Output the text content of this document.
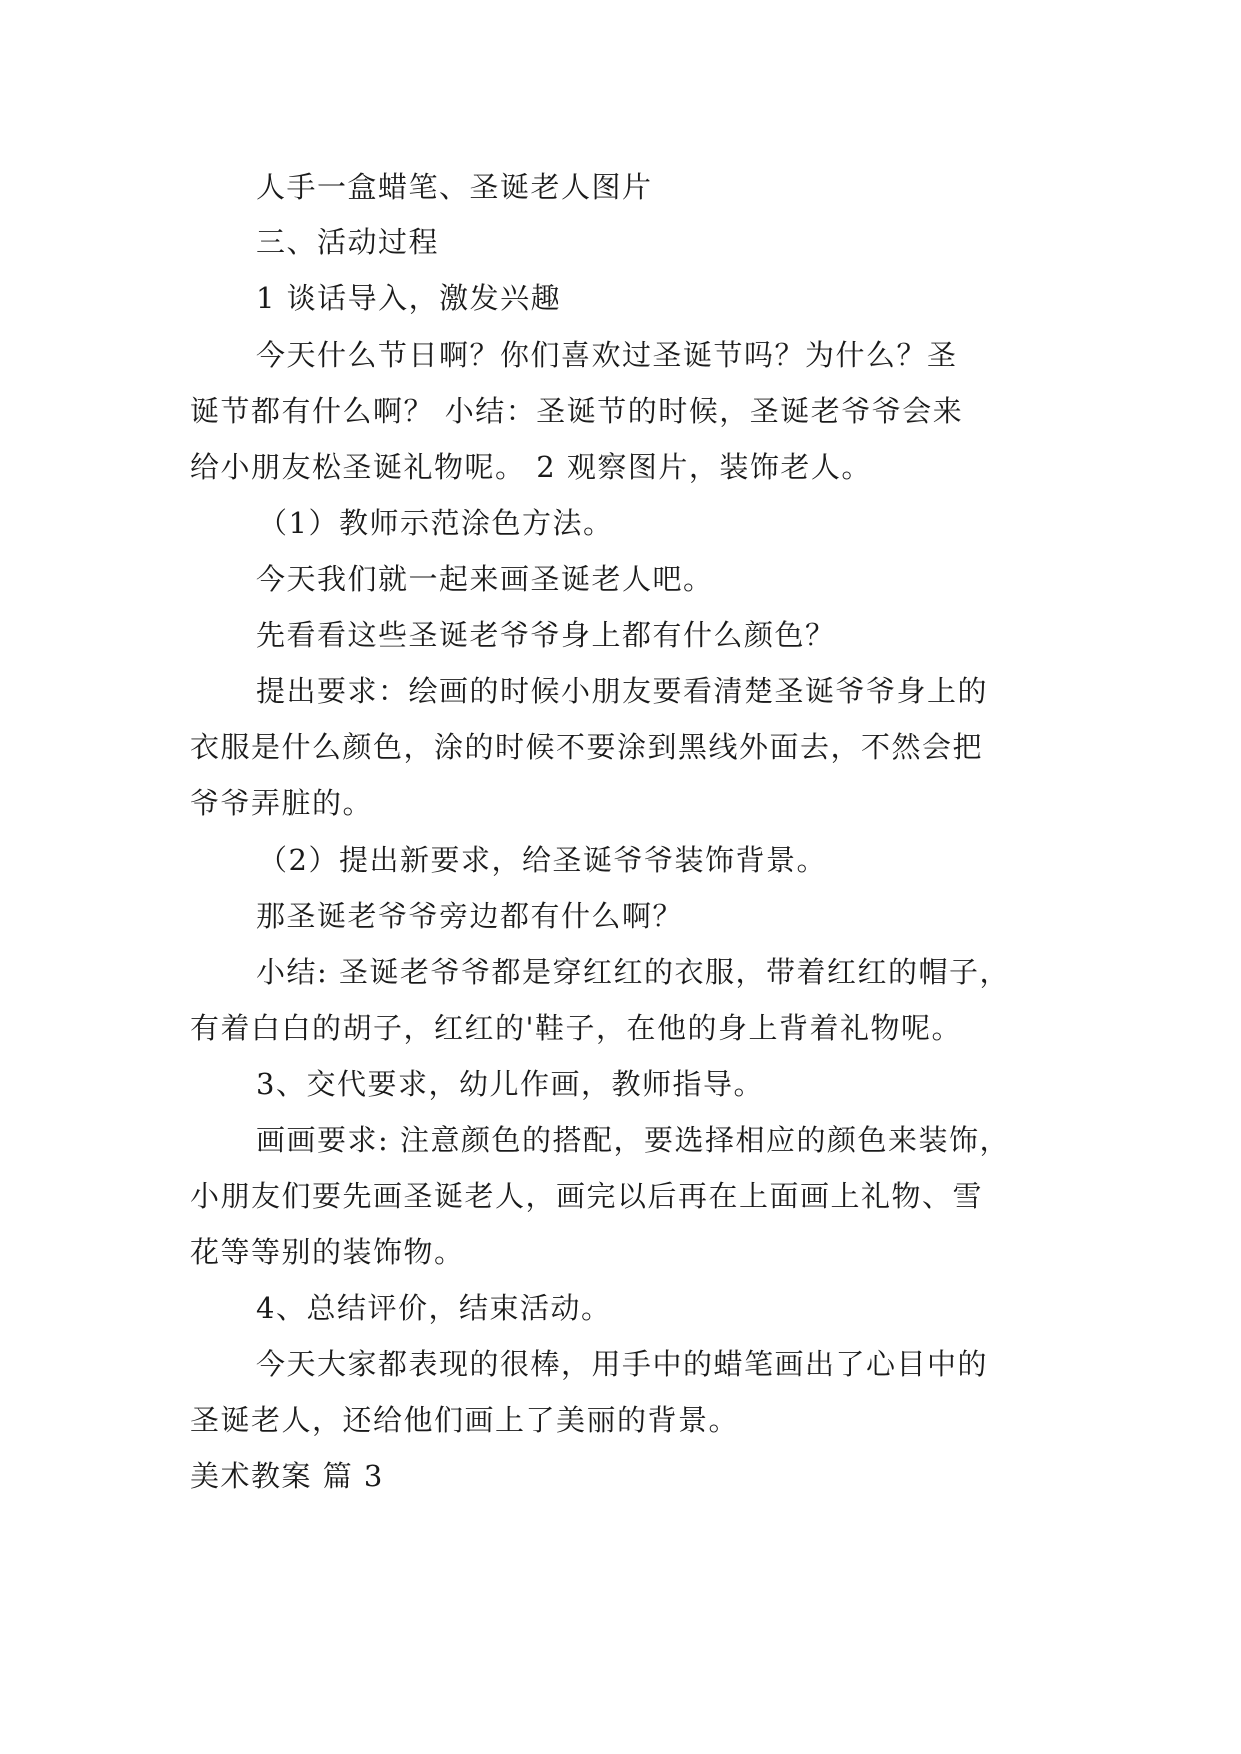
人手一盒蜡笔、圣诞老人图片
三、活动过程
1 谈话导入，激发兴趣
今天什么节日啊？你们喜欢过圣诞节吗？为什么？圣
诞节都有什么啊？ 小结：圣诞节的时候，圣诞老爷爷会来
给小朋友松圣诞礼物呢。 2 观察图片，装饰老人。
（1）教师示范涂色方法。
今天我们就一起来画圣诞老人吧。
先看看这些圣诞老爷爷身上都有什么颜色？
提出要求：绘画的时候小朋友要看清楚圣诞爷爷身上的
衣服是什么颜色，涂的时候不要涂到黑线外面去，不然会把
爷爷弄脏的。
（2）提出新要求，给圣诞爷爷装饰背景。
那圣诞老爷爷旁边都有什么啊？
小结: 圣诞老爷爷都是穿红红的衣服，带着红红的帽子，
有着白白的胡子，红红的'鞋子，在他的身上背着礼物呢。
3、交代要求，幼儿作画，教师指导。
画画要求: 注意颜色的搭配，要选择相应的颜色来装饰，
小朋友们要先画圣诞老人，画完以后再在上面画上礼物、雪
花等等别的装饰物。
4、总结评价，结束活动。
今天大家都表现的很棒，用手中的蜡笔画出了心目中的
圣诞老人，还给他们画上了美丽的背景。
美术教案 篇 3
